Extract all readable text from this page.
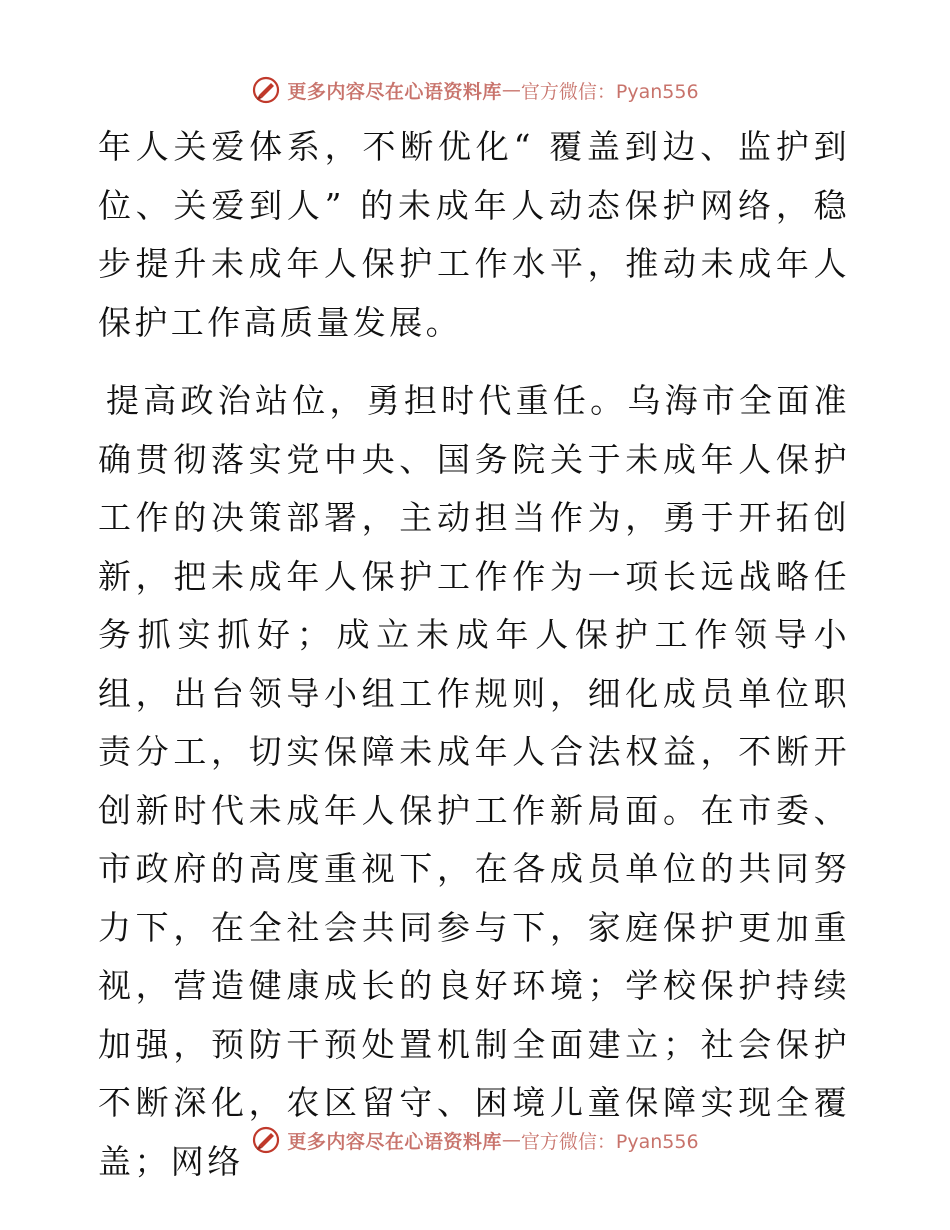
更多内容尽在心语资料库 — 官方微信：Pyan556

年人关爱体系，不断优化“ 覆盖到边、监护到位、关爱到人” 的未成年人动态保护网络，稳步提升未成年人保护工作水平，推动未成年人保护工作高质量发展。

提高政治站位，勇担时代重任。乌海市全面准确贯彻落实党中央、国务院关于未成年人保护工作的决策部署，主动担当作为，勇于开拓创新，把未成年人保护工作作为一项长远战略任务抓实抓好；成立未成年人保护工作领导小组，出台领导小组工作规则，细化成员单位职责分工，切实保障未成年人合法权益，不断开创新时代未成年人保护工作新局面。在市委、市政府的高度重视下，在各成员单位的共同努力下，在全社会共同参与下，家庭保护更加重视，营造健康成长的良好环境；学校保护持续加强，预防干预处置机制全面建立；社会保护不断深化，农区留守、困境儿童保障实现全覆盖；网络	更多内容尽在心语资料库 — 官方微信：Pyan556
